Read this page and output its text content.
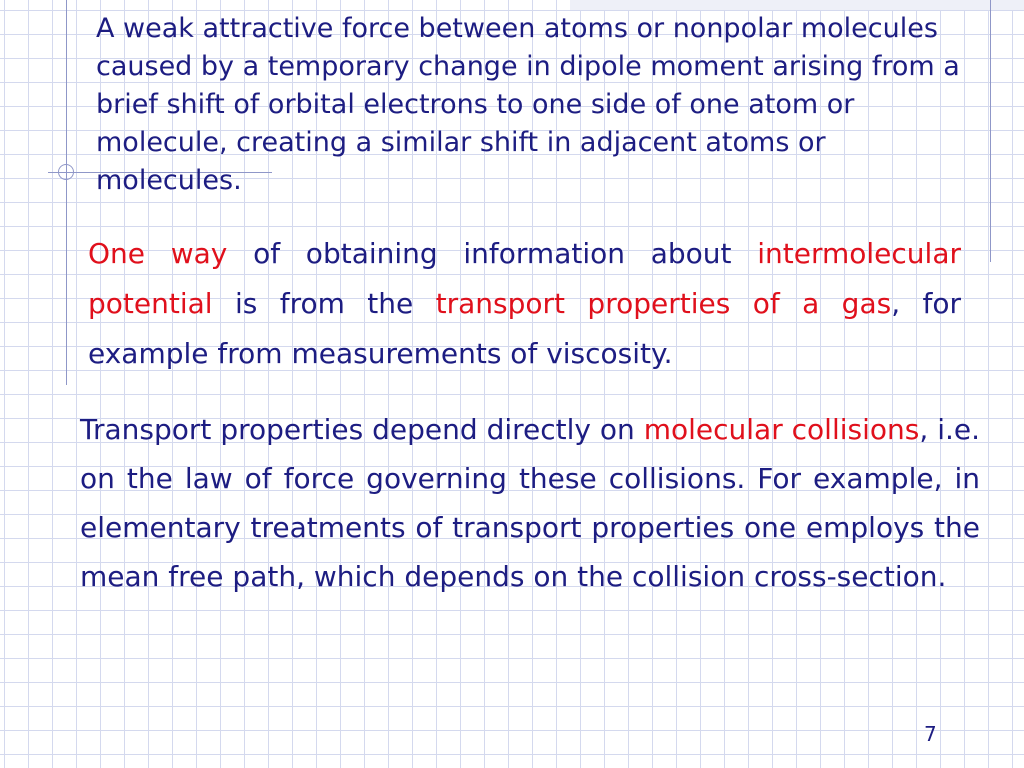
A weak attractive force between atoms or nonpolar molecules caused by a temporary change in dipole moment arising from a brief shift of orbital electrons to one side of one atom or molecule, creating a similar shift in adjacent atoms or molecules.
One way of obtaining information about intermolecular potential is from the transport properties of a gas, for example from measurements of viscosity.
Transport properties depend directly on molecular collisions, i.e. on the law of force governing these collisions. For example, in elementary treatments of transport properties one employs the mean free path, which depends on the collision cross-section.
7
